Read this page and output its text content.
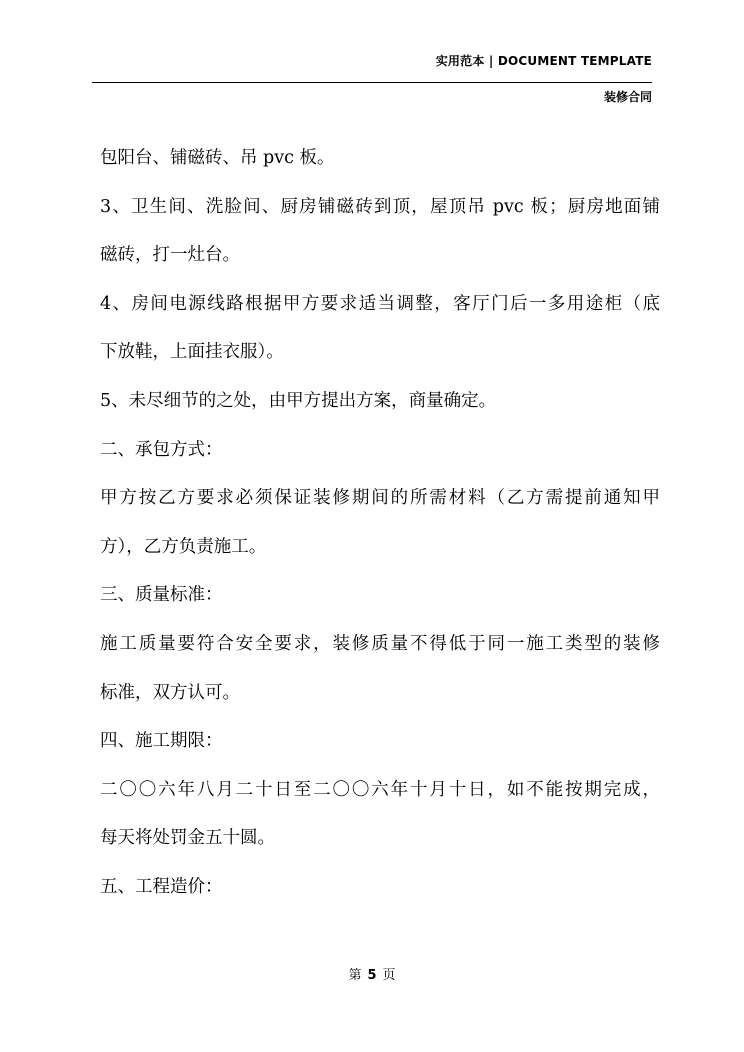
实用范本 | DOCUMENT TEMPLATE
装修合同
包阳台、铺磁砖、吊 pvc 板。
3、卫生间、洗脸间、厨房铺磁砖到顶，屋顶吊 pvc 板；厨房地面铺
磁砖，打一灶台。
4、房间电源线路根据甲方要求适当调整，客厅门后一多用途柜（底
下放鞋，上面挂衣服）。
5、未尽细节的之处，由甲方提出方案，商量确定。
二、承包方式：
甲方按乙方要求必须保证装修期间的所需材料（乙方需提前通知甲
方），乙方负责施工。
三、质量标准：
施工质量要符合安全要求，装修质量不得低于同一施工类型的装修
标准，双方认可。
四、施工期限：
二〇〇六年八月二十日至二〇〇六年十月十日，如不能按期完成，
每天将处罚金五十圆。
五、工程造价：
第 5 页
